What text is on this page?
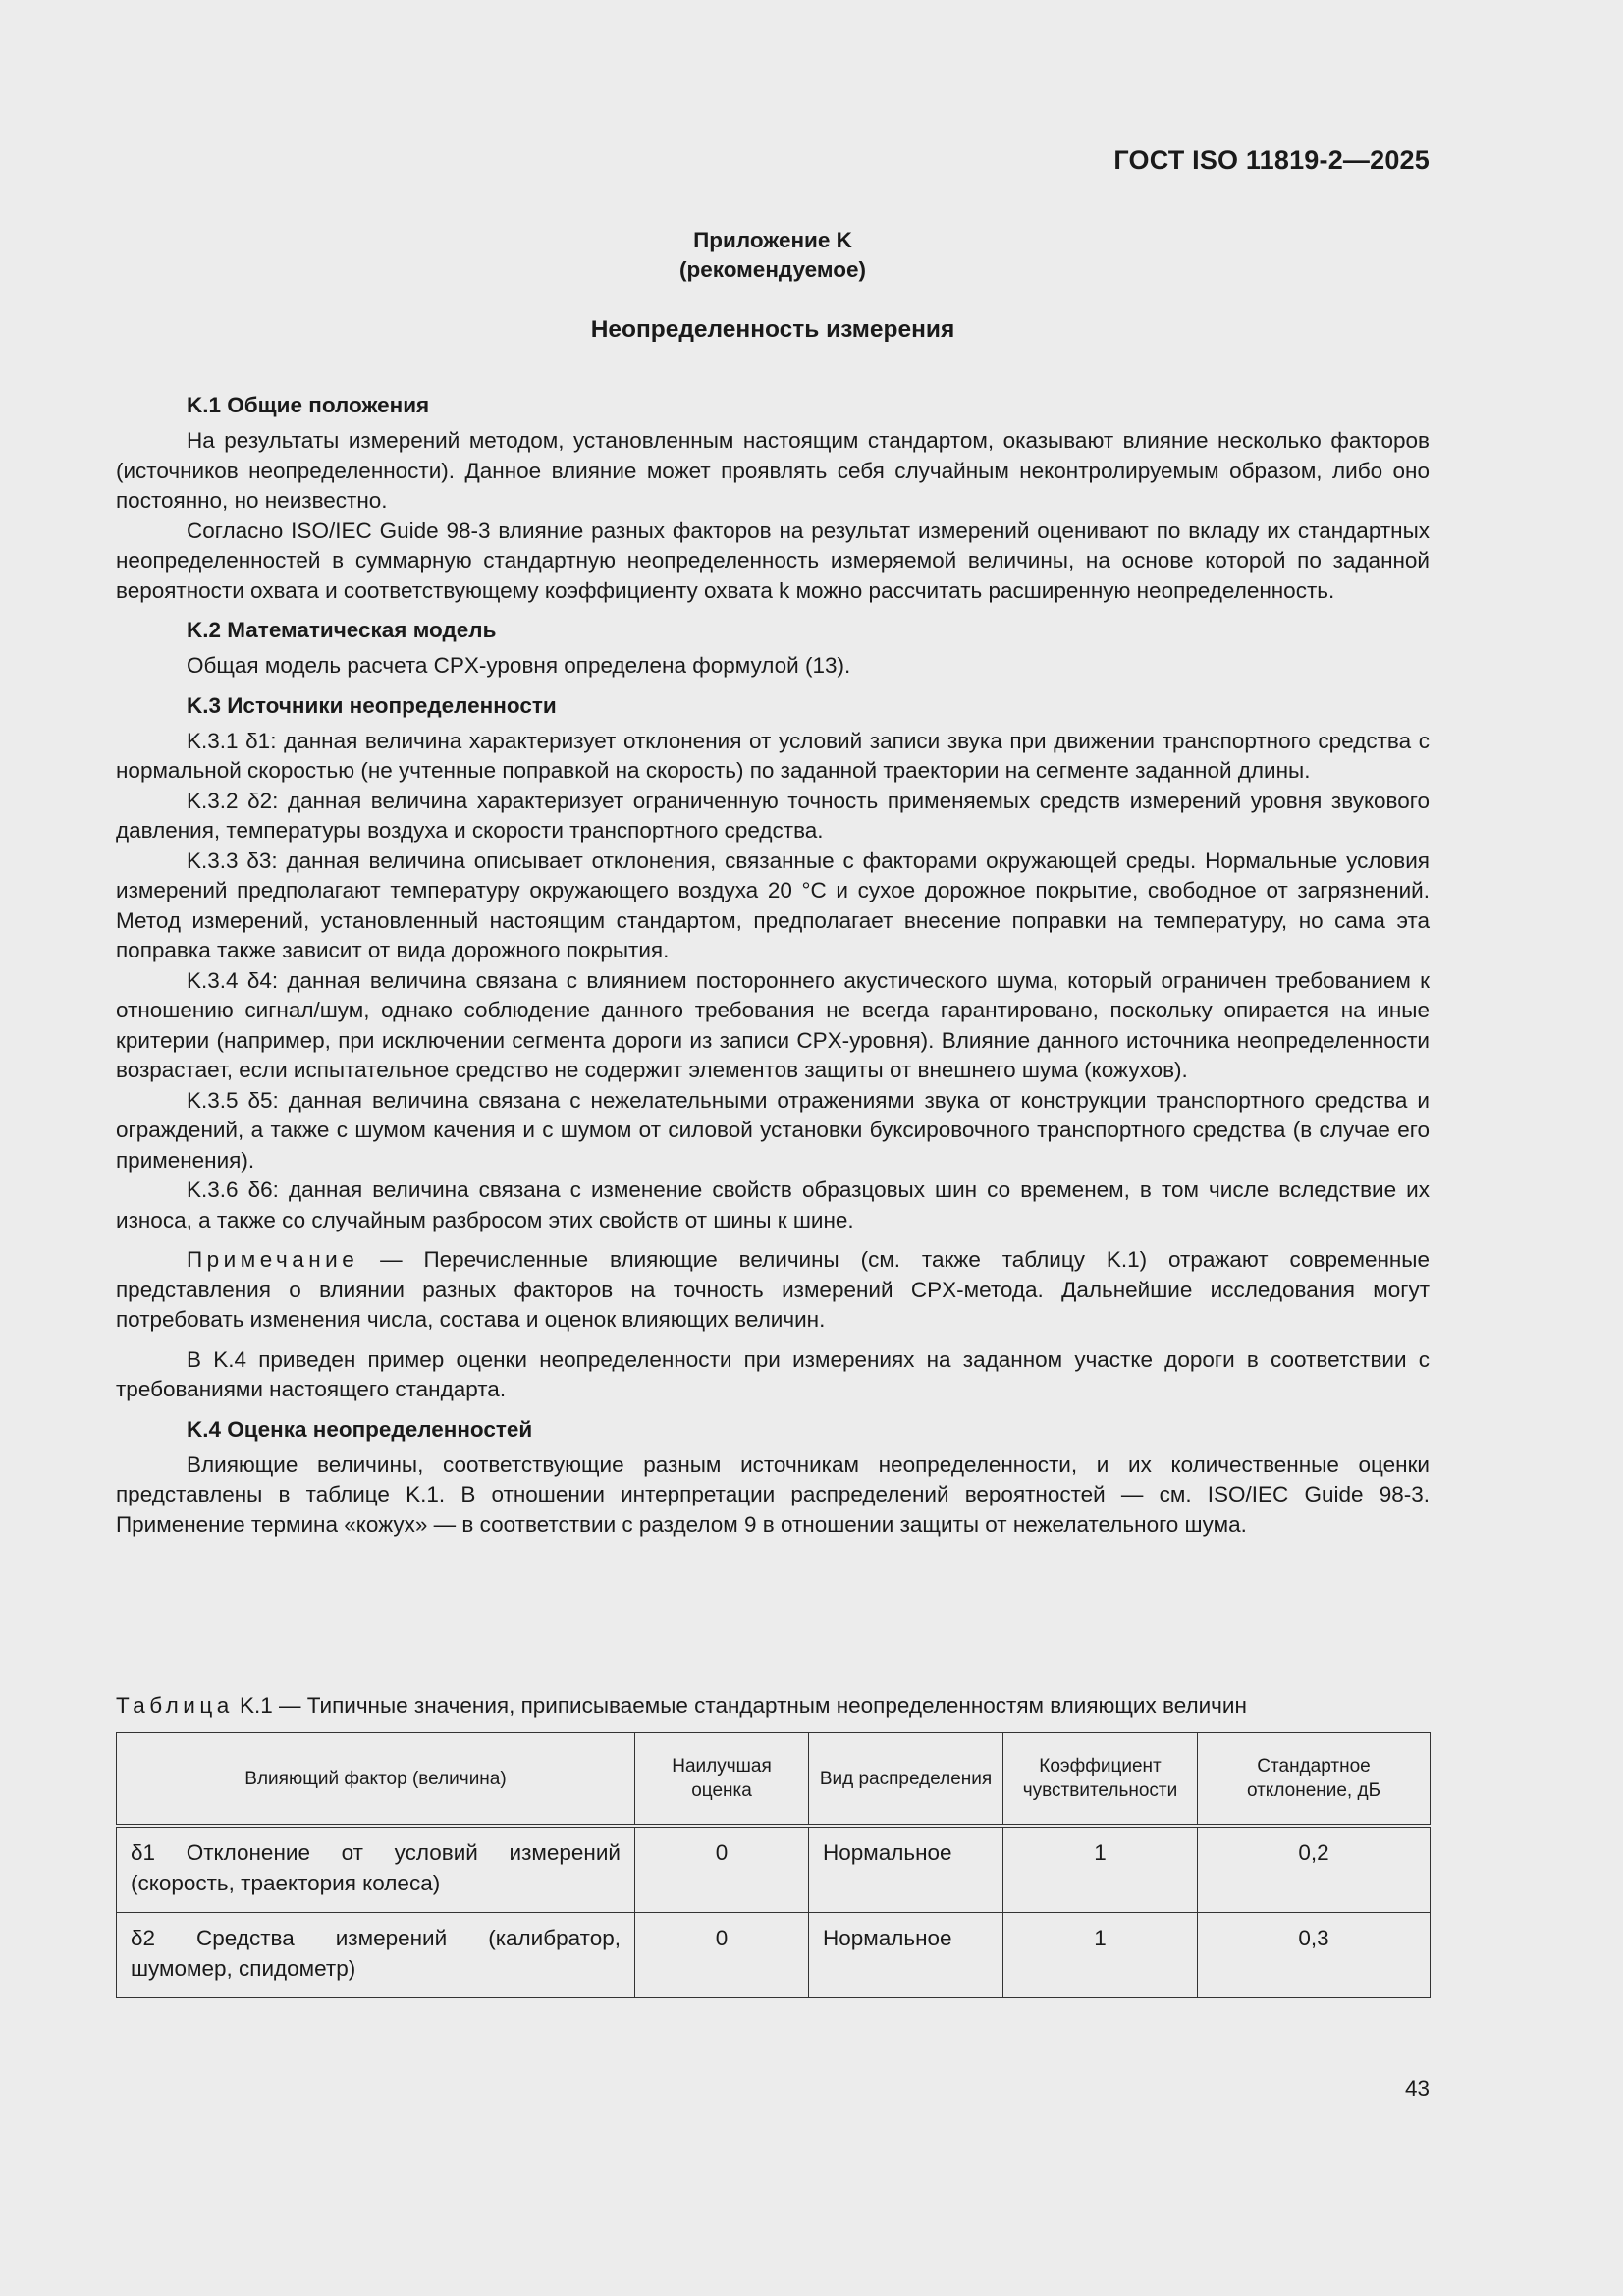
ГОСТ ISO 11819-2—2025
Приложение K
(рекомендуемое)
Неопределенность измерения
K.1 Общие положения

На результаты измерений методом, установленным настоящим стандартом, оказывают влияние несколько факторов (источников неопределенности). Данное влияние может проявлять себя случайным неконтролируемым образом, либо оно постоянно, но неизвестно.

Согласно ISO/IEC Guide 98-3 влияние разных факторов на результат измерений оценивают по вкладу их стандартных неопределенностей в суммарную стандартную неопределенность измеряемой величины, на основе которой по заданной вероятности охвата и соответствующему коэффициенту охвата k можно рассчитать расширенную неопределенность.

K.2 Математическая модель

Общая модель расчета CPX-уровня определена формулой (13).

K.3 Источники неопределенности

K.3.1 δ1: данная величина характеризует отклонения от условий записи звука при движении транспортного средства с нормальной скоростью (не учтенные поправкой на скорость) по заданной траектории на сегменте заданной длины.

K.3.2 δ2: данная величина характеризует ограниченную точность применяемых средств измерений уровня звукового давления, температуры воздуха и скорости транспортного средства.

K.3.3 δ3: данная величина описывает отклонения, связанные с факторами окружающей среды. Нормальные условия измерений предполагают температуру окружающего воздуха 20 °C и сухое дорожное покрытие, свободное от загрязнений. Метод измерений, установленный настоящим стандартом, предполагает внесение поправки на температуру, но сама эта поправка также зависит от вида дорожного покрытия.

K.3.4 δ4: данная величина связана с влиянием постороннего акустического шума, который ограничен требованием к отношению сигнал/шум, однако соблюдение данного требования не всегда гарантировано, поскольку опирается на иные критерии (например, при исключении сегмента дороги из записи CPX-уровня). Влияние данного источника неопределенности возрастает, если испытательное средство не содержит элементов защиты от внешнего шума (кожухов).

K.3.5 δ5: данная величина связана с нежелательными отражениями звука от конструкции транспортного средства и ограждений, а также с шумом качения и с шумом от силовой установки буксировочного транспортного средства (в случае его применения).

K.3.6 δ6: данная величина связана с изменение свойств образцовых шин со временем, в том числе вследствие их износа, а также со случайным разбросом этих свойств от шины к шине.

Примечание — Перечисленные влияющие величины (см. также таблицу K.1) отражают современные представления о влиянии разных факторов на точность измерений CPX-метода. Дальнейшие исследования могут потребовать изменения числа, состава и оценок влияющих величин.

В K.4 приведен пример оценки неопределенности при измерениях на заданном участке дороги в соответствии с требованиями настоящего стандарта.

K.4 Оценка неопределенностей

Влияющие величины, соответствующие разным источникам неопределенности, и их количественные оценки представлены в таблице K.1. В отношении интерпретации распределений вероятностей — см. ISO/IEC Guide 98-3. Применение термина «кожух» — в соответствии с разделом 9 в отношении защиты от нежелательного шума.

Таблица K.1 — Типичные значения, приписываемые стандартным неопределенностям влияющих величин
Влияющий фактор (величина)	Наилучшая оценка	Вид распределения	Коэффициент чувствительности	Стандартное отклонение, дБ
δ1 Отклонение от условий измерений (скорость, траектория колеса)	0	Нормальное	1	0,2
δ2 Средства измерений (калибратор, шумомер, спидометр)	0	Нормальное	1	0,3
43
